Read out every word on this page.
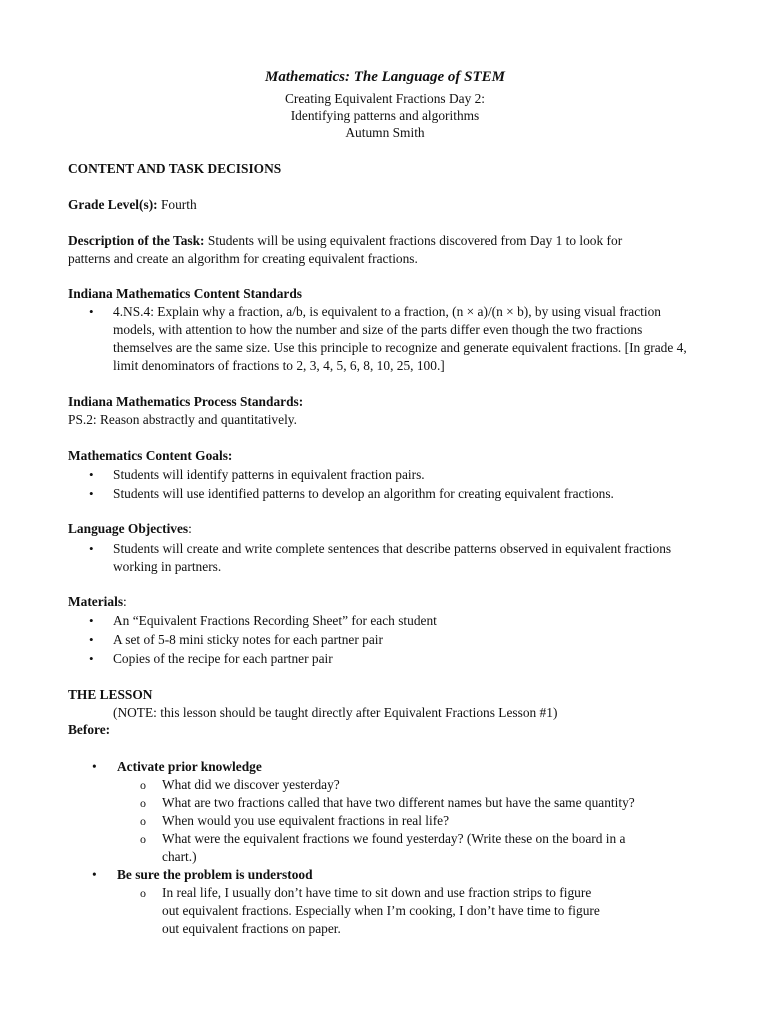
Mathematics: The Language of STEM
Creating Equivalent Fractions Day 2:
Identifying patterns and algorithms
Autumn Smith
CONTENT AND TASK DECISIONS
Grade Level(s): Fourth
Description of the Task: Students will be using equivalent fractions discovered from Day 1 to look for
patterns and create an algorithm for creating equivalent fractions.
Indiana Mathematics Content Standards
• 4.NS.4: Explain why a fraction, a/b, is equivalent to a fraction, (n × a)/(n × b), by using visual fraction models, with attention to how the number and size of the parts differ even though the two fractions themselves are the same size. Use this principle to recognize and generate equivalent fractions. [In grade 4, limit denominators of fractions to 2, 3, 4, 5, 6, 8, 10, 25, 100.]
Indiana Mathematics Process Standards:
PS.2: Reason abstractly and quantitatively.
Mathematics Content Goals:
• Students will identify patterns in equivalent fraction pairs.
• Students will use identified patterns to develop an algorithm for creating equivalent fractions.
Language Objectives:
• Students will create and write complete sentences that describe patterns observed in equivalent fractions working in partners.
Materials:
• An “Equivalent Fractions Recording Sheet” for each student
• A set of 5-8 mini sticky notes for each partner pair
• Copies of the recipe for each partner pair
THE LESSON
(NOTE: this lesson should be taught directly after Equivalent Fractions Lesson #1)
Before:
• Activate prior knowledge
o What did we discover yesterday?
o What are two fractions called that have two different names but have the same quantity?
o When would you use equivalent fractions in real life?
o What were the equivalent fractions we found yesterday? (Write these on the board in a chart.)
• Be sure the problem is understood
o In real life, I usually don’t have time to sit down and use fraction strips to figure out equivalent fractions. Especially when I’m cooking, I don’t have time to figure out equivalent fractions on paper.
